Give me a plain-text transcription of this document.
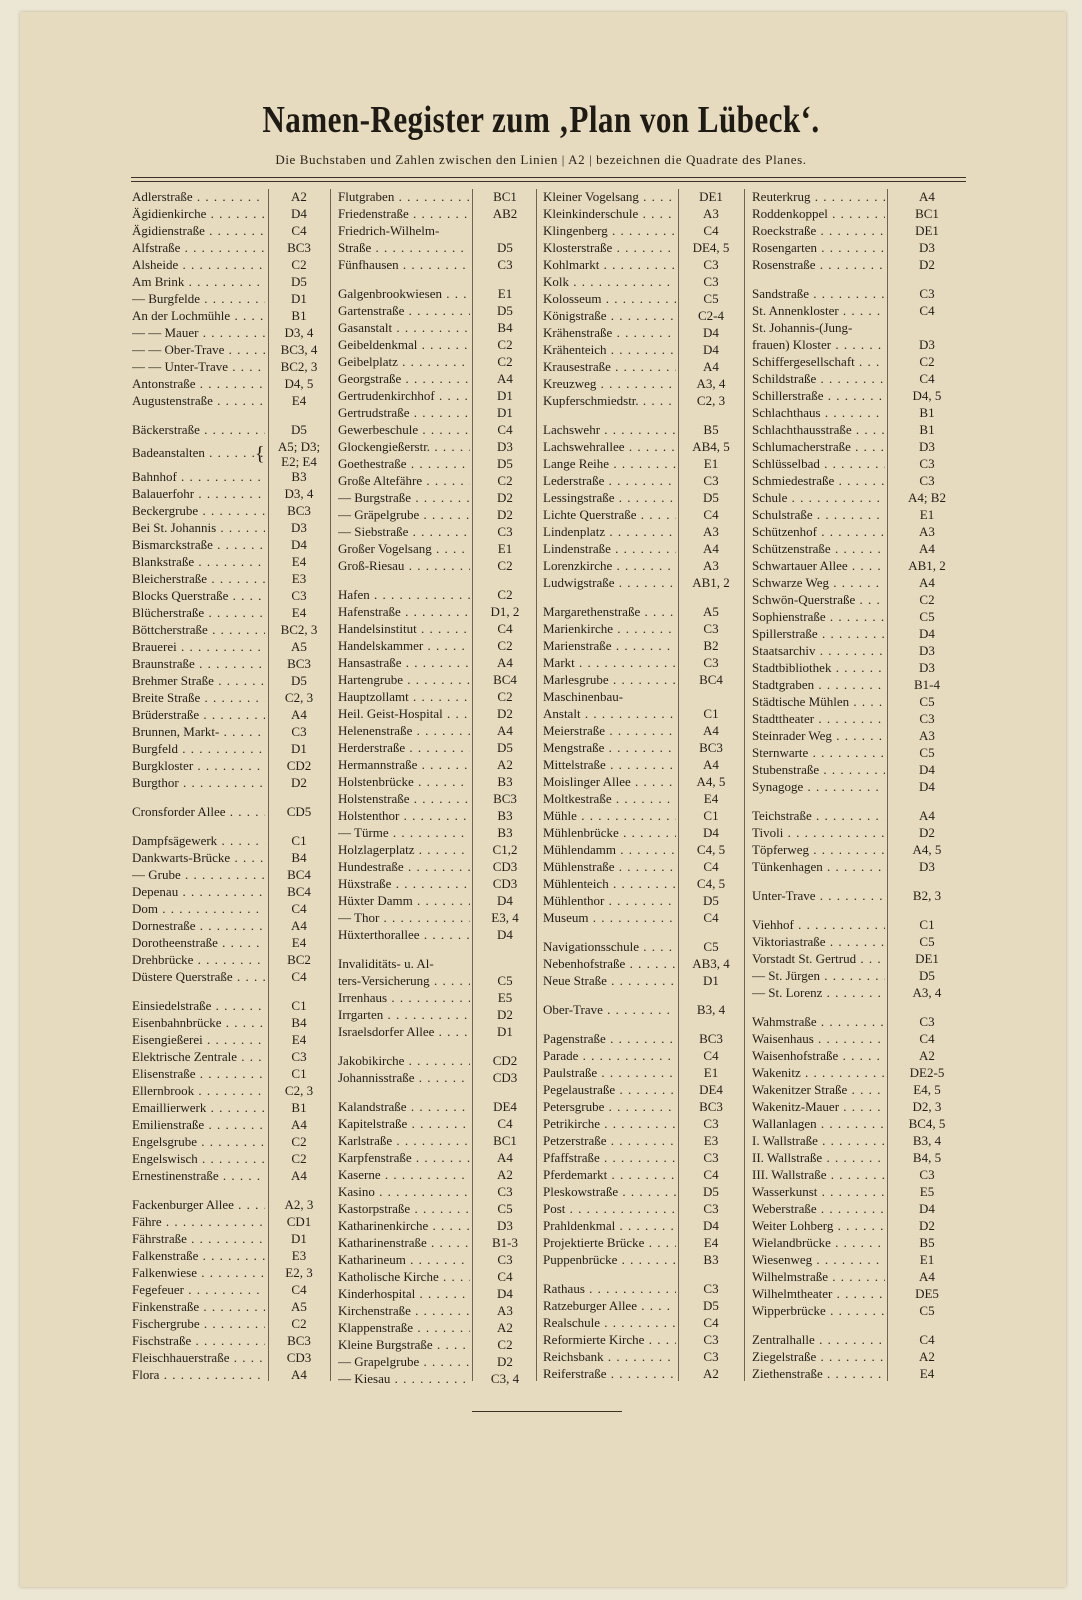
Namen-Register zum ‚Plan von Lübeck‘.
Die Buchstaben und Zahlen zwischen den Linien | A2 | bezeichnen die Quadrate des Planes.
Adlerstraße . . .	A2
Ägidienkirche . . .	D4
Ägidienstraße . . .	C4
Alfstraße . . .	BC3
Alsheide . . .	C2
Am Brink . . .	D5
— Burgfelde . . .	D1
An der Lochmühle . . .	B1
— — Mauer . . .	D3, 4
— — Ober-Trave . . .	BC3, 4
— — Unter-Trave . . .	BC2, 3
Antonstraße . . .	D4, 5
Augustenstraße . . .	E4
Bäckerstraße . . .	D5
Badeanstalten . . .	A5; D3; E2; E4
{
Bahnhof . . .	B3
Balauerfohr . . .	D3, 4
Beckergrube . . .	BC3
Bei St. Johannis . . .	D3
Bismarckstraße . . .	D4
Blankstraße . . .	E4
Bleicherstraße . . .	E3
Blocks Querstraße . . .	C3
Blücherstraße . . .	E4
Böttcherstraße . . .	BC2, 3
Brauerei . . .	A5
Braunstraße . . .	BC3
Brehmer Straße . . .	D5
Breite Straße . . .	C2, 3
Brüderstraße . . .	A4
Brunnen, Markt- . . .	C3
Burgfeld . . .	D1
Burgkloster . . .	CD2
Burgthor . . .	D2
Cronsforder Allee . . .	CD5
Dampfsägewerk . . .	C1
Dankwarts-Brücke . . .	B4
— Grube . . .	BC4
Depenau . . .	BC4
Dom . . .	C4
Dornestraße . . .	A4
Dorotheenstraße . . .	E4
Drehbrücke . . .	BC2
Düstere Querstraße . . .	C4
Einsiedelstraße . . .	C1
Eisenbahnbrücke . . .	B4
Eisengießerei . . .	E4
Elektrische Zentrale . . .	C3
Elisenstraße . . .	C1
Ellernbrook . . .	C2, 3
Emaillierwerk . . .	B1
Emilienstraße . . .	A4
Engelsgrube . . .	C2
Engelswisch . . .	C2
Ernestinenstraße . . .	A4
Fackenburger Allee . . .	A2, 3
Fähre . . .	CD1
Fährstraße . . .	D1
Falkenstraße . . .	E3
Falkenwiese . . .	E2, 3
Fegefeuer . . .	C4
Finkenstraße . . .	A5
Fischergrube . . .	C2
Fischstraße . . .	BC3
Fleischhauerstraße . . .	CD3
Flora . . .	A4
Flutgraben . . .	BC1
Friedenstraße . . .	AB2
Friedrich-Wilhelm-
Straße . . .	D5
Fünfhausen . . .	C3
Galgenbrookwiesen . . .	E1
Gartenstraße . . .	D5
Gasanstalt . . .	B4
Geibeldenkmal . . .	C2
Geibelplatz . . .	C2
Georgstraße . . .	A4
Gertrudenkirchhof . . .	D1
Gertrudstraße . . .	D1
Gewerbeschule . . .	C4
Glockengießerstr. . . .	D3
Goethestraße . . .	D5
Große Altefähre . . .	C2
— Burgstraße . . .	D2
— Gräpelgrube . . .	D2
— Siebstraße . . .	C3
Großer Vogelsang . . .	E1
Groß-Riesau . . .	C2
Hafen . . .	C2
Hafenstraße . . .	D1, 2
Handelsinstitut . . .	C4
Handelskammer . . .	C2
Hansastraße . . .	A4
Hartengrube . . .	BC4
Hauptzollamt . . .	C2
Heil. Geist-Hospital . . .	D2
Helenenstraße . . .	A4
Herderstraße . . .	D5
Hermannstraße . . .	A2
Holstenbrücke . . .	B3
Holstenstraße . . .	BC3
Holstenthor . . .	B3
— Türme . . .	B3
Holzlagerplatz . . .	C1,2
Hundestraße . . .	CD3
Hüxstraße . . .	CD3
Hüxter Damm . . .	D4
— Thor . . .	E3, 4
Hüxterthorallee . . .	D4
Invaliditäts- u. Al-
ters-Versicherung . . .	C5
Irrenhaus . . .	E5
Irrgarten . . .	D2
Israelsdorfer Allee . . .	D1
Jakobikirche . . .	CD2
Johannisstraße . . .	CD3
Kalandstraße . . .	DE4
Kapitelstraße . . .	C4
Karlstraße . . .	BC1
Karpfenstraße . . .	A4
Kaserne . . .	A2
Kasino . . .	C3
Kastorpstraße . . .	C5
Katharinenkirche . . .	D3
Katharinenstraße . . .	B1-3
Katharineum . . .	C3
Katholische Kirche . . .	C4
Kinderhospital . . .	D4
Kirchenstraße . . .	A3
Klappenstraße . . .	A2
Kleine Burgstraße . . .	C2
— Grapelgrube . . .	D2
— Kiesau . . .	C3, 4
Kleiner Vogelsang . . .	DE1
Kleinkinderschule . . .	A3
Klingenberg . . .	C4
Klosterstraße . . .	DE4, 5
Kohlmarkt . . .	C3
Kolk . . .	C3
Kolosseum . . .	C5
Königstraße . . .	C2-4
Krähenstraße . . .	D4
Krähenteich . . .	D4
Krausestraße . . .	A4
Kreuzweg . . .	A3, 4
Kupferschmiedstr. . . .	C2, 3
Lachswehr . . .	B5
Lachswehrallee . . .	AB4, 5
Lange Reihe . . .	E1
Lederstraße . . .	C3
Lessingstraße . . .	D5
Lichte Querstraße . . .	C4
Lindenplatz . . .	A3
Lindenstraße . . .	A4
Lorenzkirche . . .	A3
Ludwigstraße . . .	AB1, 2
Margarethenstraße . . .	A5
Marienkirche . . .	C3
Marienstraße . . .	B2
Markt . . .	C3
Marlesgrube . . .	BC4
Maschinenbau-
Anstalt . . .	C1
Meierstraße . . .	A4
Mengstraße . . .	BC3
Mittelstraße . . .	A4
Moislinger Allee . . .	A4, 5
Moltkestraße . . .	E4
Mühle . . .	C1
Mühlenbrücke . . .	D4
Mühlendamm . . .	C4, 5
Mühlenstraße . . .	C4
Mühlenteich . . .	C4, 5
Mühlenthor . . .	D5
Museum . . .	C4
Navigationsschule . . .	C5
Nebenhofstraße . . .	AB3, 4
Neue Straße . . .	D1
Ober-Trave . . .	B3, 4
Pagenstraße . . .	BC3
Parade . . .	C4
Paulstraße . . .	E1
Pegelaustraße . . .	DE4
Petersgrube . . .	BC3
Petrikirche . . .	C3
Petzerstraße . . .	E3
Pfaffstraße . . .	C3
Pferdemarkt . . .	C4
Pleskowstraße . . .	D5
Post . . .	C3
Prahldenkmal . . .	D4
Projektierte Brücke . . .	E4
Puppenbrücke . . .	B3
Rathaus . . .	C3
Ratzeburger Allee . . .	D5
Realschule . . .	C4
Reformierte Kirche . . .	C3
Reichsbank . . .	C3
Reiferstraße . . .	A2
Reuterkrug . . .	A4
Roddenkoppel . . .	BC1
Roeckstraße . . .	DE1
Rosengarten . . .	D3
Rosenstraße . . .	D2
Sandstraße . . .	C3
St. Annenkloster . . .	C4
St. Johannis-(Jung-
frauen) Kloster . . .	D3
Schiffergesellschaft . . .	C2
Schildstraße . . .	C4
Schillerstraße . . .	D4, 5
Schlachthaus . . .	B1
Schlachthausstraße . . .	B1
Schlumacherstraße . . .	D3
Schlüsselbad . . .	C3
Schmiedestraße . . .	C3
Schule . . .	A4; B2
Schulstraße . . .	E1
Schützenhof . . .	A3
Schützenstraße . . .	A4
Schwartauer Allee . . .	AB1, 2
Schwarze Weg . . .	A4
Schwön-Querstraße . . .	C2
Sophienstraße . . .	C5
Spillerstraße . . .	D4
Staatsarchiv . . .	D3
Stadtbibliothek . . .	D3
Stadtgraben . . .	B1-4
Städtische Mühlen . . .	C5
Stadttheater . . .	C3
Steinrader Weg . . .	A3
Sternwarte . . .	C5
Stubenstraße . . .	D4
Synagoge . . .	D4
Teichstraße . . .	A4
Tivoli . . .	D2
Töpferweg . . .	A4, 5
Tünkenhagen . . .	D3
Unter-Trave . . .	B2, 3
Viehhof . . .	C1
Viktoriastraße . . .	C5
Vorstadt St. Gertrud . . .	DE1
— St. Jürgen . . .	D5
— St. Lorenz . . .	A3, 4
Wahmstraße . . .	C3
Waisenhaus . . .	C4
Waisenhofstraße . . .	A2
Wakenitz . . .	DE2-5
Wakenitzer Straße . . .	E4, 5
Wakenitz-Mauer . . .	D2, 3
Wallanlagen . . .	BC4, 5
I. Wallstraße . . .	B3, 4
II. Wallstraße . . .	B4, 5
III. Wallstraße . . .	C3
Wasserkunst . . .	E5
Weberstraße . . .	D4
Weiter Lohberg . . .	D2
Wielandbrücke . . .	B5
Wiesenweg . . .	E1
Wilhelmstraße . . .	A4
Wilhelmtheater . . .	DE5
Wipperbrücke . . .	C5
Zentralhalle . . .	C4
Ziegelstraße . . .	A2
Ziethenstraße . . .	E4
